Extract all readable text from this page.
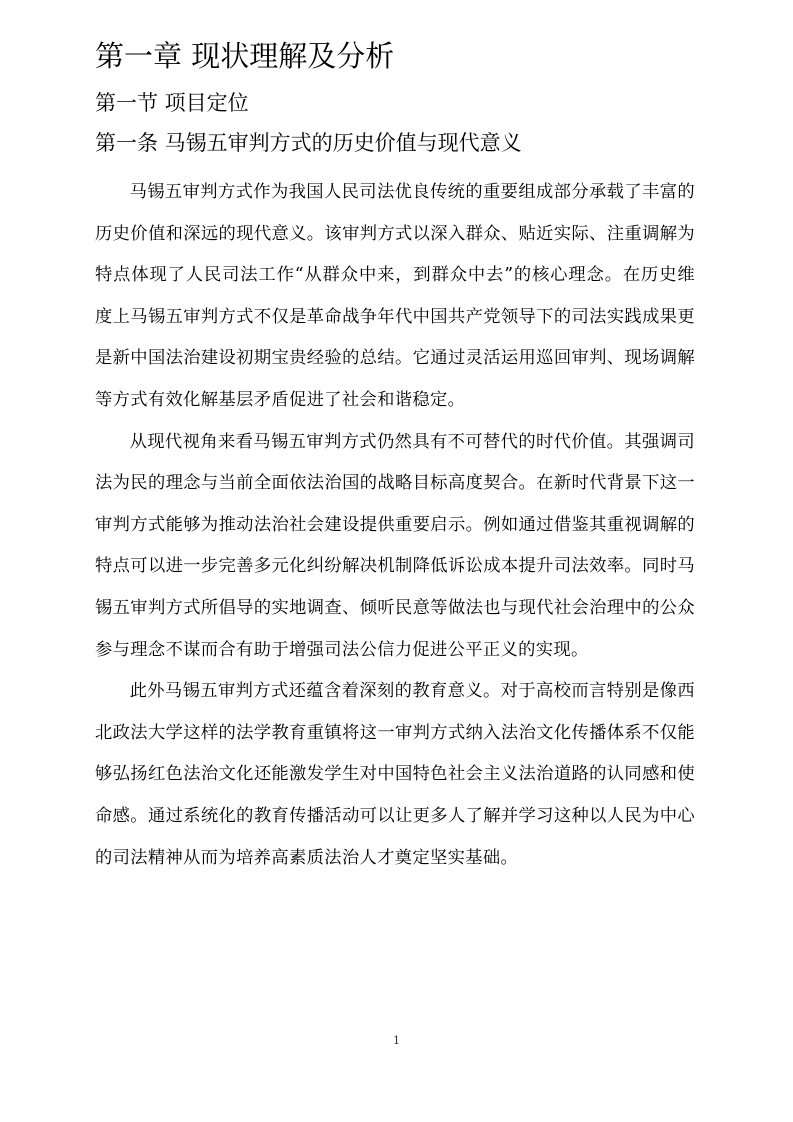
第一章 现状理解及分析
第一节 项目定位
第一条 马锡五审判方式的历史价值与现代意义

马锡五审判方式作为我国人民司法优良传统的重要组成部分承载了丰富的历史价值和深远的现代意义。该审判方式以深入群众、贴近实际、注重调解为特点体现了人民司法工作“从群众中来，到群众中去”的核心理念。在历史维度上马锡五审判方式不仅是革命战争年代中国共产党领导下的司法实践成果更是新中国法治建设初期宝贵经验的总结。它通过灵活运用巡回审判、现场调解等方式有效化解基层矛盾促进了社会和谐稳定。

从现代视角来看马锡五审判方式仍然具有不可替代的时代价值。其强调司法为民的理念与当前全面依法治国的战略目标高度契合。在新时代背景下这一审判方式能够为推动法治社会建设提供重要启示。例如通过借鉴其重视调解的特点可以进一步完善多元化纠纷解决机制降低诉讼成本提升司法效率。同时马锡五审判方式所倡导的实地调查、倾听民意等做法也与现代社会治理中的公众参与理念不谋而合有助于增强司法公信力促进公平正义的实现。

此外马锡五审判方式还蕴含着深刻的教育意义。对于高校而言特别是像西北政法大学这样的法学教育重镇将这一审判方式纳入法治文化传播体系不仅能够弘扬红色法治文化还能激发学生对中国特色社会主义法治道路的认同感和使命感。通过系统化的教育传播活动可以让更多人了解并学习这种以人民为中心的司法精神从而为培养高素质法治人才奠定坚实基础。

1
